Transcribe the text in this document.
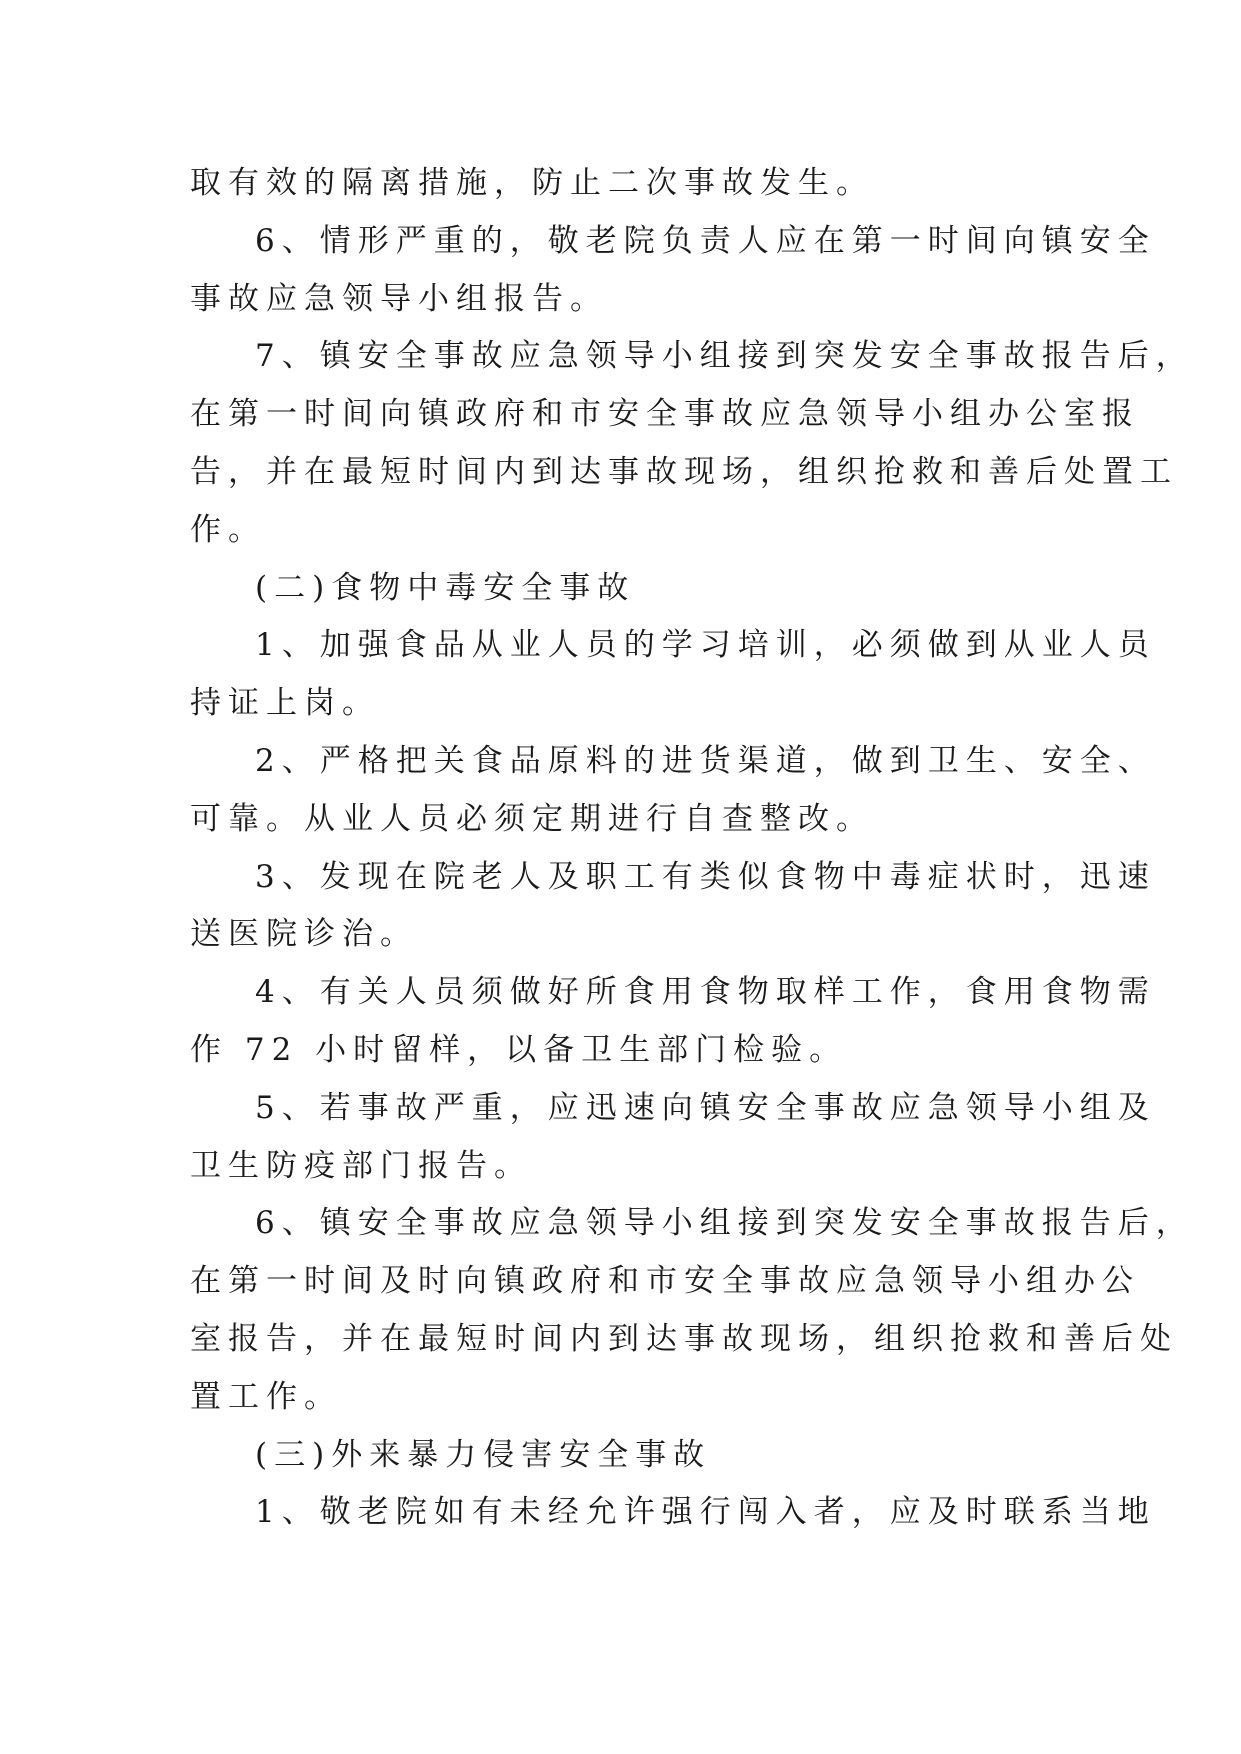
取有效的隔离措施，防止二次事故发生。
6、情形严重的，敬老院负责人应在第一时间向镇安全
事故应急领导小组报告。
7、镇安全事故应急领导小组接到突发安全事故报告后，
在第一时间向镇政府和市安全事故应急领导小组办公室报
告，并在最短时间内到达事故现场，组织抢救和善后处置工
作。
(二)食物中毒安全事故
1、加强食品从业人员的学习培训，必须做到从业人员
持证上岗。
2、严格把关食品原料的进货渠道，做到卫生、安全、
可靠。从业人员必须定期进行自查整改。
3、发现在院老人及职工有类似食物中毒症状时，迅速
送医院诊治。
4、有关人员须做好所食用食物取样工作，食用食物需
作 72 小时留样，以备卫生部门检验。
5、若事故严重，应迅速向镇安全事故应急领导小组及
卫生防疫部门报告。
6、镇安全事故应急领导小组接到突发安全事故报告后，
在第一时间及时向镇政府和市安全事故应急领导小组办公
室报告，并在最短时间内到达事故现场，组织抢救和善后处
置工作。
(三)外来暴力侵害安全事故
1、敬老院如有未经允许强行闯入者，应及时联系当地
